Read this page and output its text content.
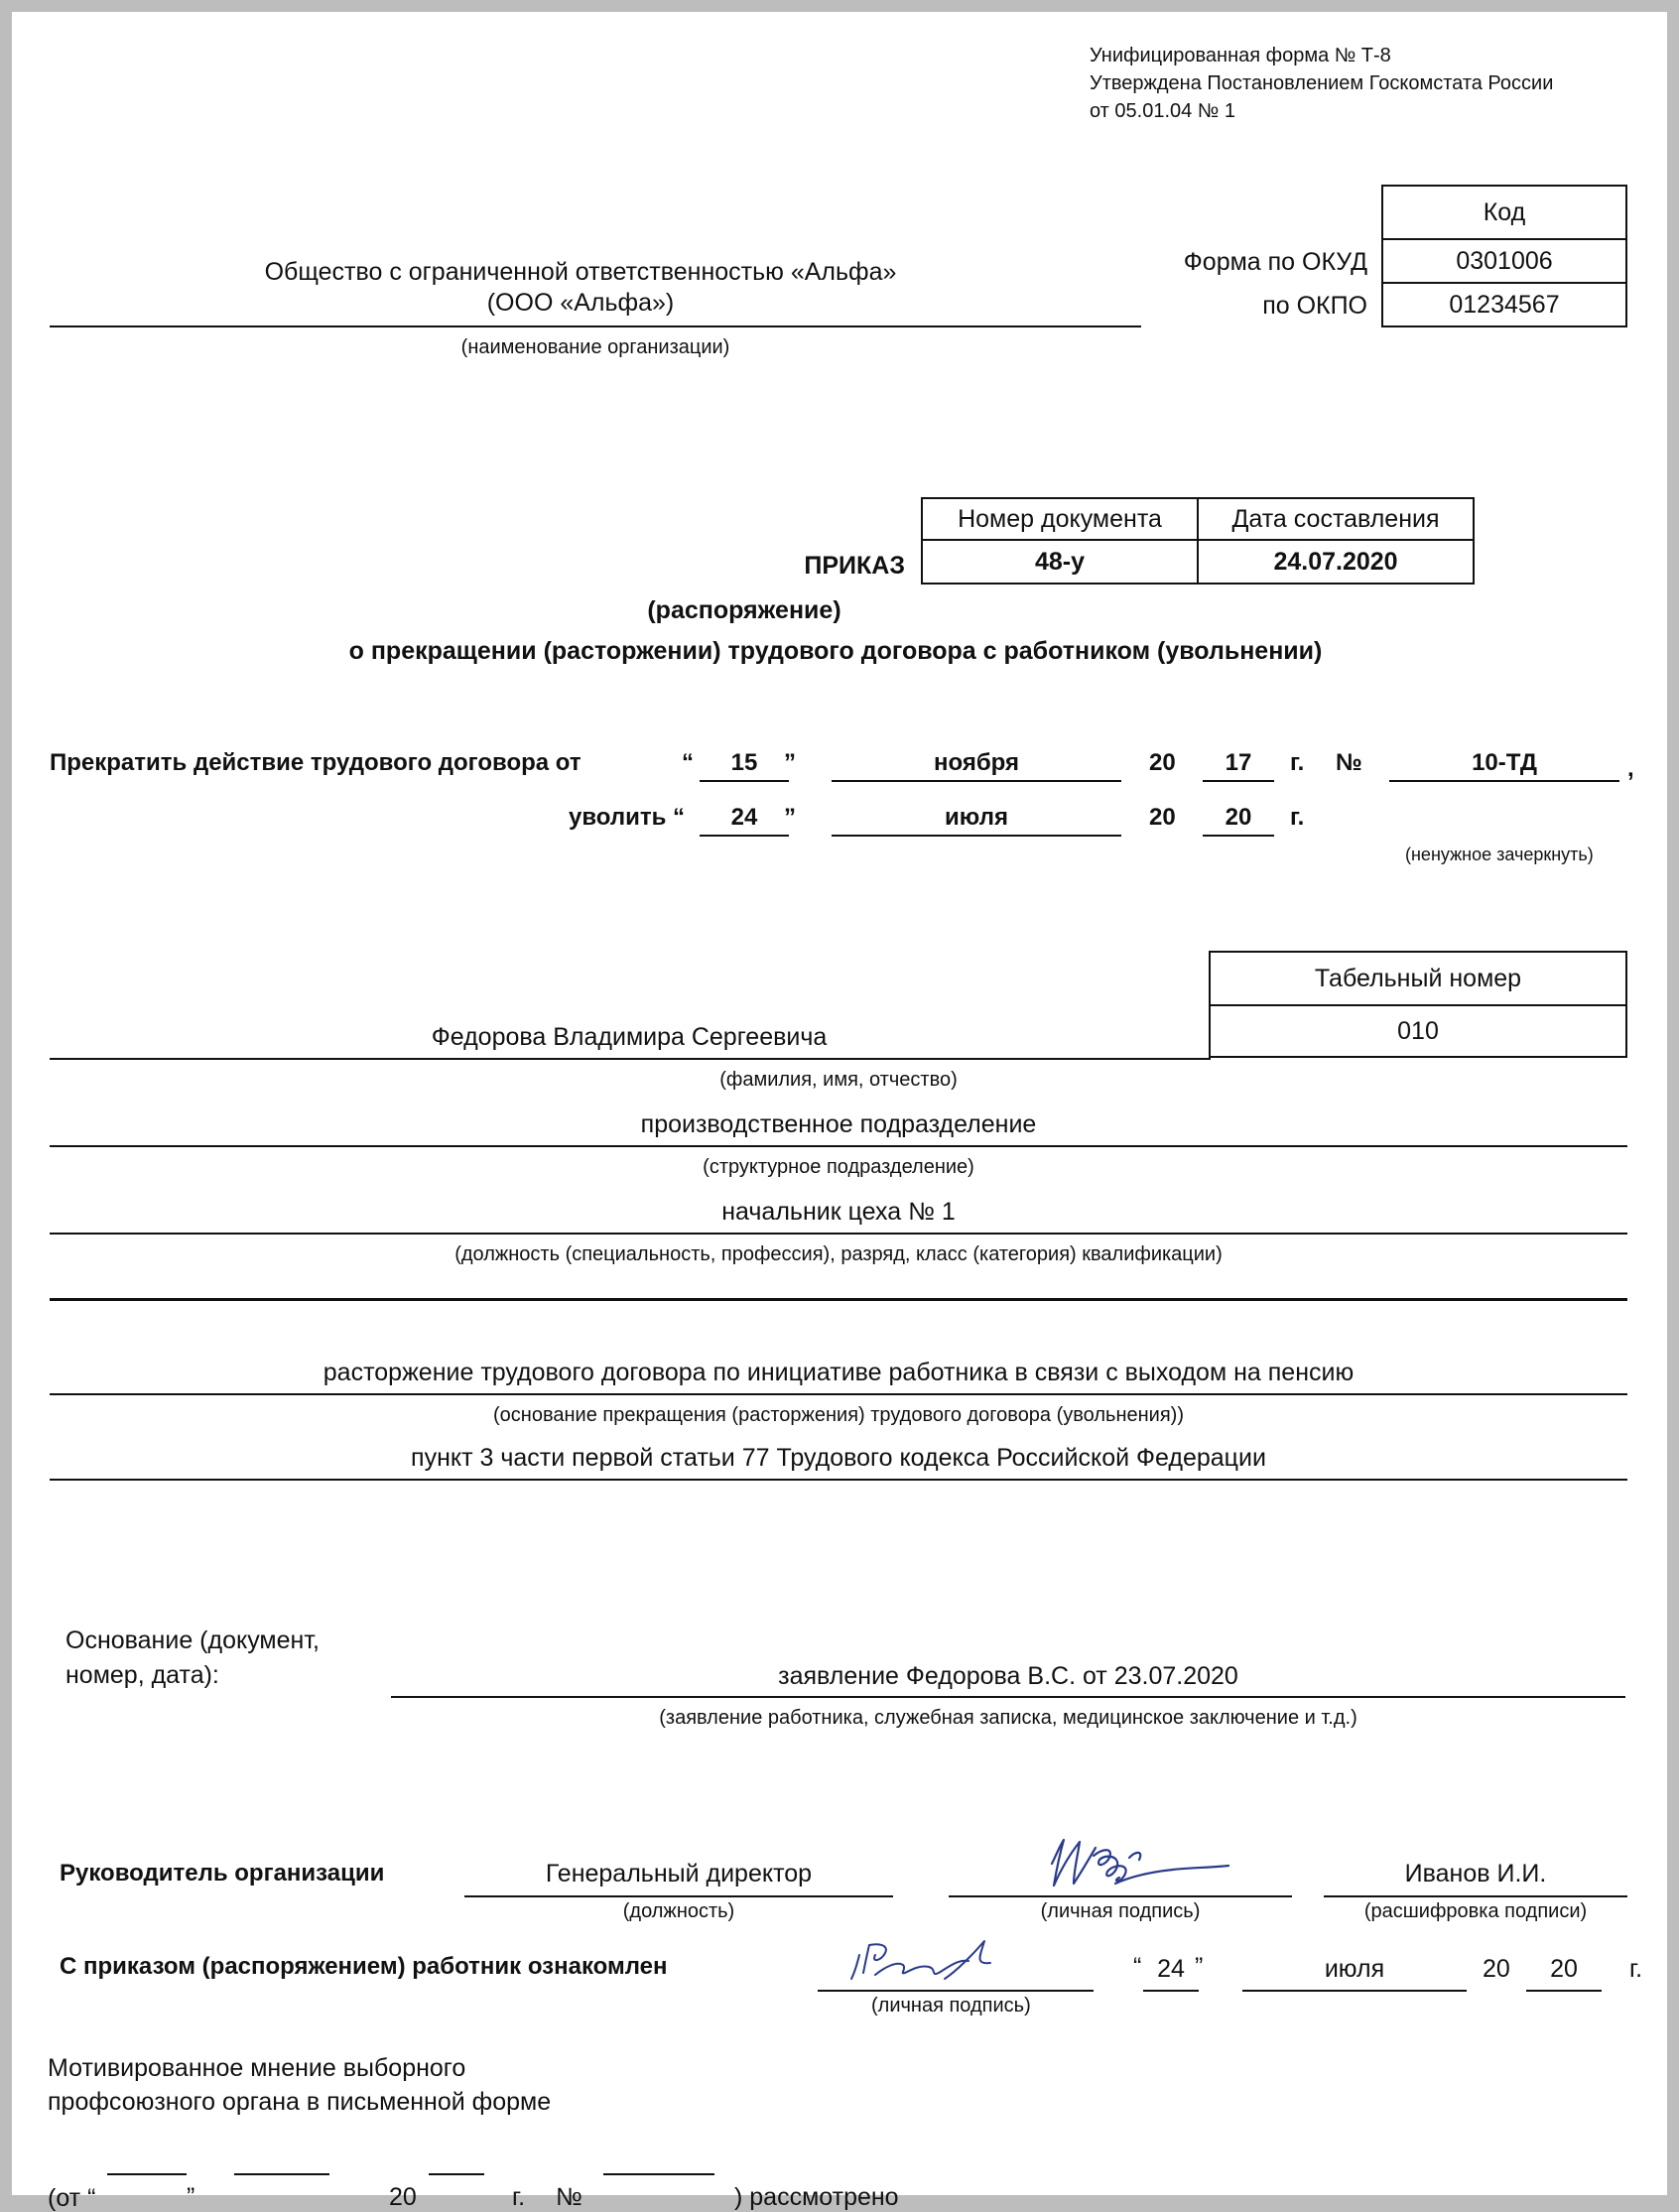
Унифицированная форма № Т-8
Утверждена Постановлением Госкомстата России
от 05.01.04 № 1
Код
0301006
01234567
Форма по ОКУД
по ОКПО
Общество с ограниченной ответственностью «Альфа»
(ООО «Альфа»)
(наименование организации)
Номер документа	Дата составления
48-у	24.07.2020
ПРИКАЗ
(распоряжение)
о прекращении (расторжении) трудового договора с работником (увольнении)
Прекратить действие трудового договора от	“	15	”	ноября	20	17	г. №	10-ТД	,
уволить “	24	”	июля	20	20	г.
(ненужное зачеркнуть)
Табельный номер
010
Федорова Владимира Сергеевича
(фамилия, имя, отчество)
производственное подразделение
(структурное подразделение)
начальник цеха № 1
(должность (специальность, профессия), разряд, класс (категория) квалификации)
расторжение трудового договора по инициативе работника в связи с выходом на пенсию
(основание прекращения (расторжения) трудового договора (увольнения))
пункт 3 части первой статьи 77 Трудового кодекса Российской Федерации
Основание (документ,
номер, дата):	заявление Федорова В.С. от 23.07.2020
(заявление работника, служебная записка, медицинское заключение и т.д.)
Руководитель организации	Генеральный директор
(должность)	(личная подпись)
Иванов И.И.
(расшифровка подписи)
С приказом (распоряжением) работник ознакомлен
(личная подпись)
“ 24 ”	июля	20	20	г.
Мотивированное мнение выборного
профсоюзного органа в письменной форме
(от “	”	20	г. №	) рассмотрено
